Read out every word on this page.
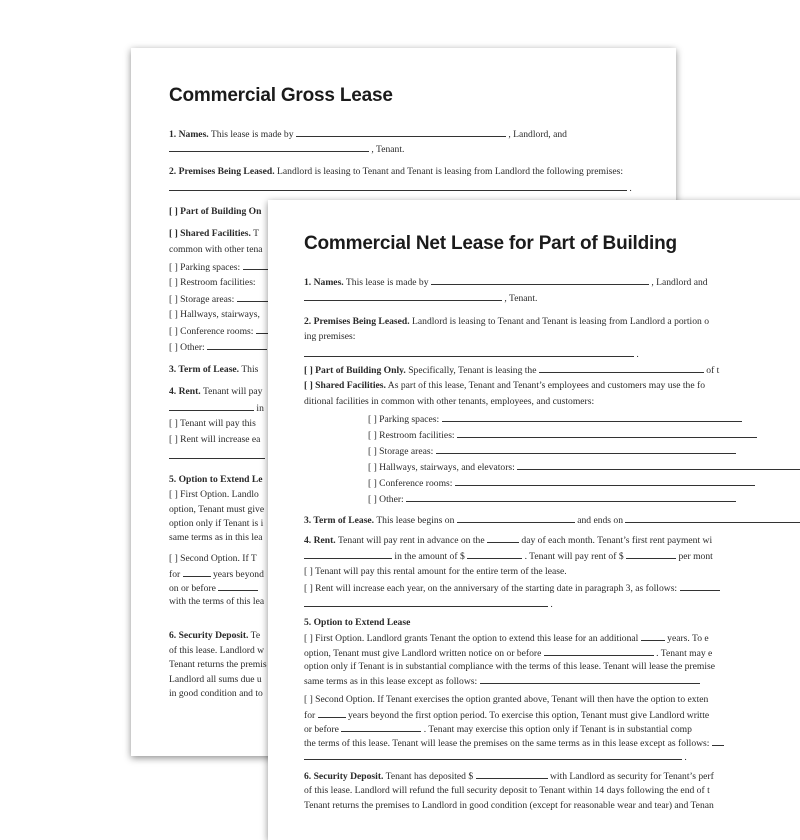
Commercial Gross Lease
1. Names. This lease is made by	, Landlord, and
, Tenant.
2. Premises Being Leased. Landlord is leasing to Tenant and Tenant is leasing from Landlord the following premises:
.
[ ] Part of Building On
[ ] Shared Facilities. T
common with other tena
[ ] Parking spaces:
[ ] Restroom facilities:
[ ] Storage areas:
[ ] Hallways, stairways,
[ ] Conference rooms:
[ ] Other:
3. Term of Lease. This
4. Rent. Tenant will pay
in
[ ] Tenant will pay this
[ ] Rent will increase ea
5. Option to Extend Le
[ ] First Option. Landlo
option, Tenant must give
option only if Tenant is i
same terms as in this lea
[ ] Second Option. If T
for	years beyond
on or before
with the terms of this lea
6. Security Deposit. Te
of this lease. Landlord w
Tenant returns the premis
Landlord all sums due u
in good condition and to
Commercial Net Lease for Part of Building
1. Names. This lease is made by	, Landlord and
, Tenant.
2. Premises Being Leased. Landlord is leasing to Tenant and Tenant is leasing from Landlord a portion o
ing premises:
.
[ ] Part of Building Only. Specifically, Tenant is leasing the	of t
[ ] Shared Facilities. As part of this lease, Tenant and Tenant’s employees and customers may use the fo
ditional facilities in common with other tenants, employees, and customers:
[ ] Parking spaces:
[ ] Restroom facilities:
[ ] Storage areas:
[ ] Hallways, stairways, and elevators:
[ ] Conference rooms:
[ ] Other:
3. Term of Lease. This lease begins on	and ends on
4. Rent. Tenant will pay rent in advance on the	day of each month. Tenant’s first rent payment wi
in the amount of $	. Tenant will pay rent of $	per mont
[ ] Tenant will pay this rental amount for the entire term of the lease.
[ ] Rent will increase each year, on the anniversary of the starting date in paragraph 3, as follows:
.
5. Option to Extend Lease
[ ] First Option. Landlord grants Tenant the option to extend this lease for an additional	years. To e
option, Tenant must give Landlord written notice on or before	. Tenant may e
option only if Tenant is in substantial compliance with the terms of this lease. Tenant will lease the premise
same terms as in this lease except as follows:
[ ] Second Option. If Tenant exercises the option granted above, Tenant will then have the option to exten
for	years beyond the first option period. To exercise this option, Tenant must give Landlord writte
or before	. Tenant may exercise this option only if Tenant is in substantial comp
the terms of this lease. Tenant will lease the premises on the same terms as in this lease except as follows:
.
6. Security Deposit. Tenant has deposited $	with Landlord as security for Tenant’s perf
of this lease. Landlord will refund the full security deposit to Tenant within 14 days following the end of t
Tenant returns the premises to Landlord in good condition (except for reasonable wear and tear) and Tenan
